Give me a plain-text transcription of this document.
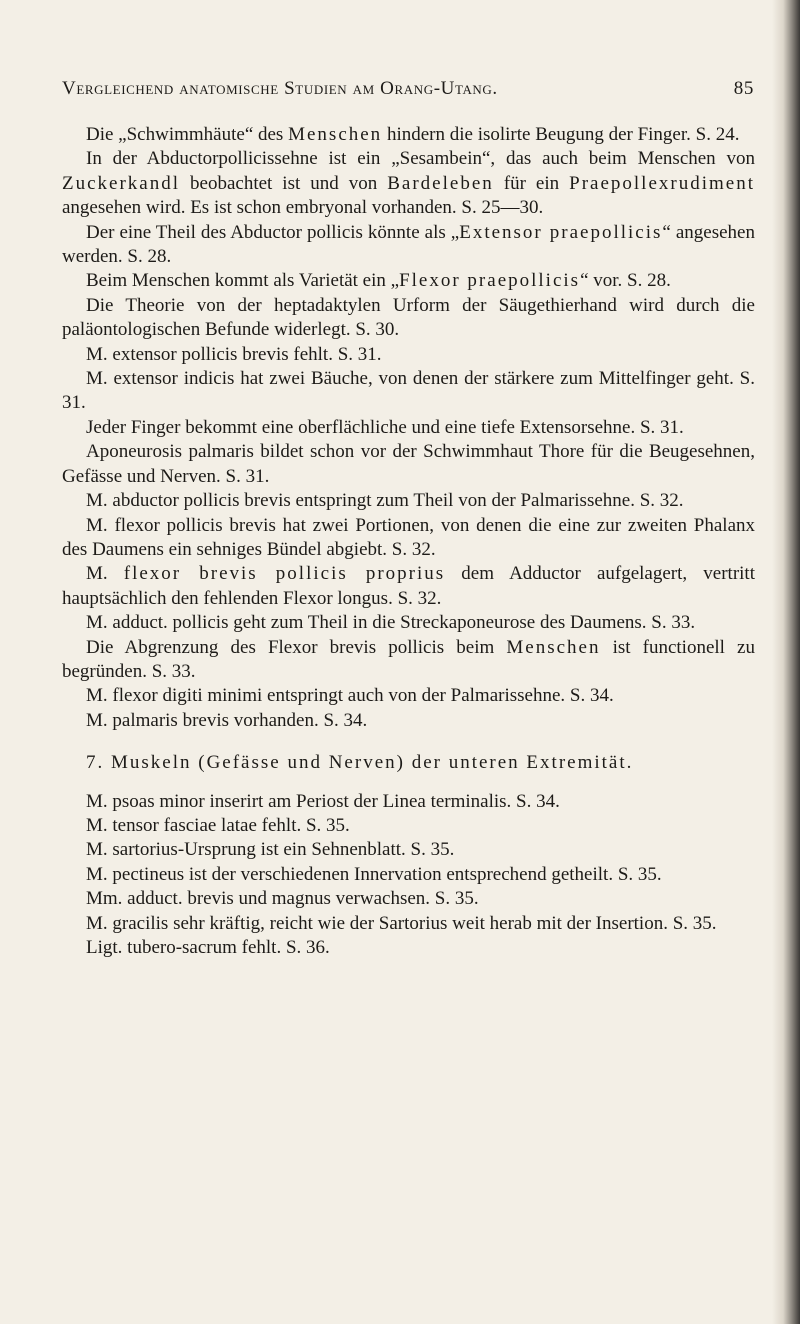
Vergleichend anatomische Studien am Orang-Utang.	85

Die „Schwimmhäute“ des Menschen hindern die isolirte Beugung der Finger. S. 24.

In der Abductorpollicissehne ist ein „Sesambein“, das auch beim Menschen von Zuckerkandl beobachtet ist und von Bardeleben für ein Praepollexrudiment angesehen wird. Es ist schon embryonal vorhanden. S. 25—30.

Der eine Theil des Abductor pollicis könnte als „Extensor praepollicis“ angesehen werden. S. 28.

Beim Menschen kommt als Varietät ein „Flexor praepollicis“ vor. S. 28.

Die Theorie von der heptadaktylen Urform der Säugethierhand wird durch die paläontologischen Befunde widerlegt. S. 30.

M. extensor pollicis brevis fehlt. S. 31.

M. extensor indicis hat zwei Bäuche, von denen der stärkere zum Mittelfinger geht. S. 31.

Jeder Finger bekommt eine oberflächliche und eine tiefe Extensorsehne. S. 31.

Aponeurosis palmaris bildet schon vor der Schwimmhaut Thore für die Beugesehnen, Gefässe und Nerven. S. 31.

M. abductor pollicis brevis entspringt zum Theil von der Palmarissehne. S. 32.

M. flexor pollicis brevis hat zwei Portionen, von denen die eine zur zweiten Phalanx des Daumens ein sehniges Bündel abgiebt. S. 32.

M. flexor brevis pollicis proprius dem Adductor aufgelagert, vertritt hauptsächlich den fehlenden Flexor longus. S. 32.

M. adduct. pollicis geht zum Theil in die Streckaponeurose des Daumens. S. 33.

Die Abgrenzung des Flexor brevis pollicis beim Menschen ist functionell zu begründen. S. 33.

M. flexor digiti minimi entspringt auch von der Palmarissehne. S. 34.

M. palmaris brevis vorhanden. S. 34.

7. Muskeln (Gefässe und Nerven) der unteren Extremität.

M. psoas minor inserirt am Periost der Linea terminalis. S. 34.

M. tensor fasciae latae fehlt. S. 35.

M. sartorius-Ursprung ist ein Sehnenblatt. S. 35.

M. pectineus ist der verschiedenen Innervation entsprechend getheilt. S. 35.

Mm. adduct. brevis und magnus verwachsen. S. 35.

M. gracilis sehr kräftig, reicht wie der Sartorius weit herab mit der Insertion. S. 35.

Ligt. tubero-sacrum fehlt. S. 36.
